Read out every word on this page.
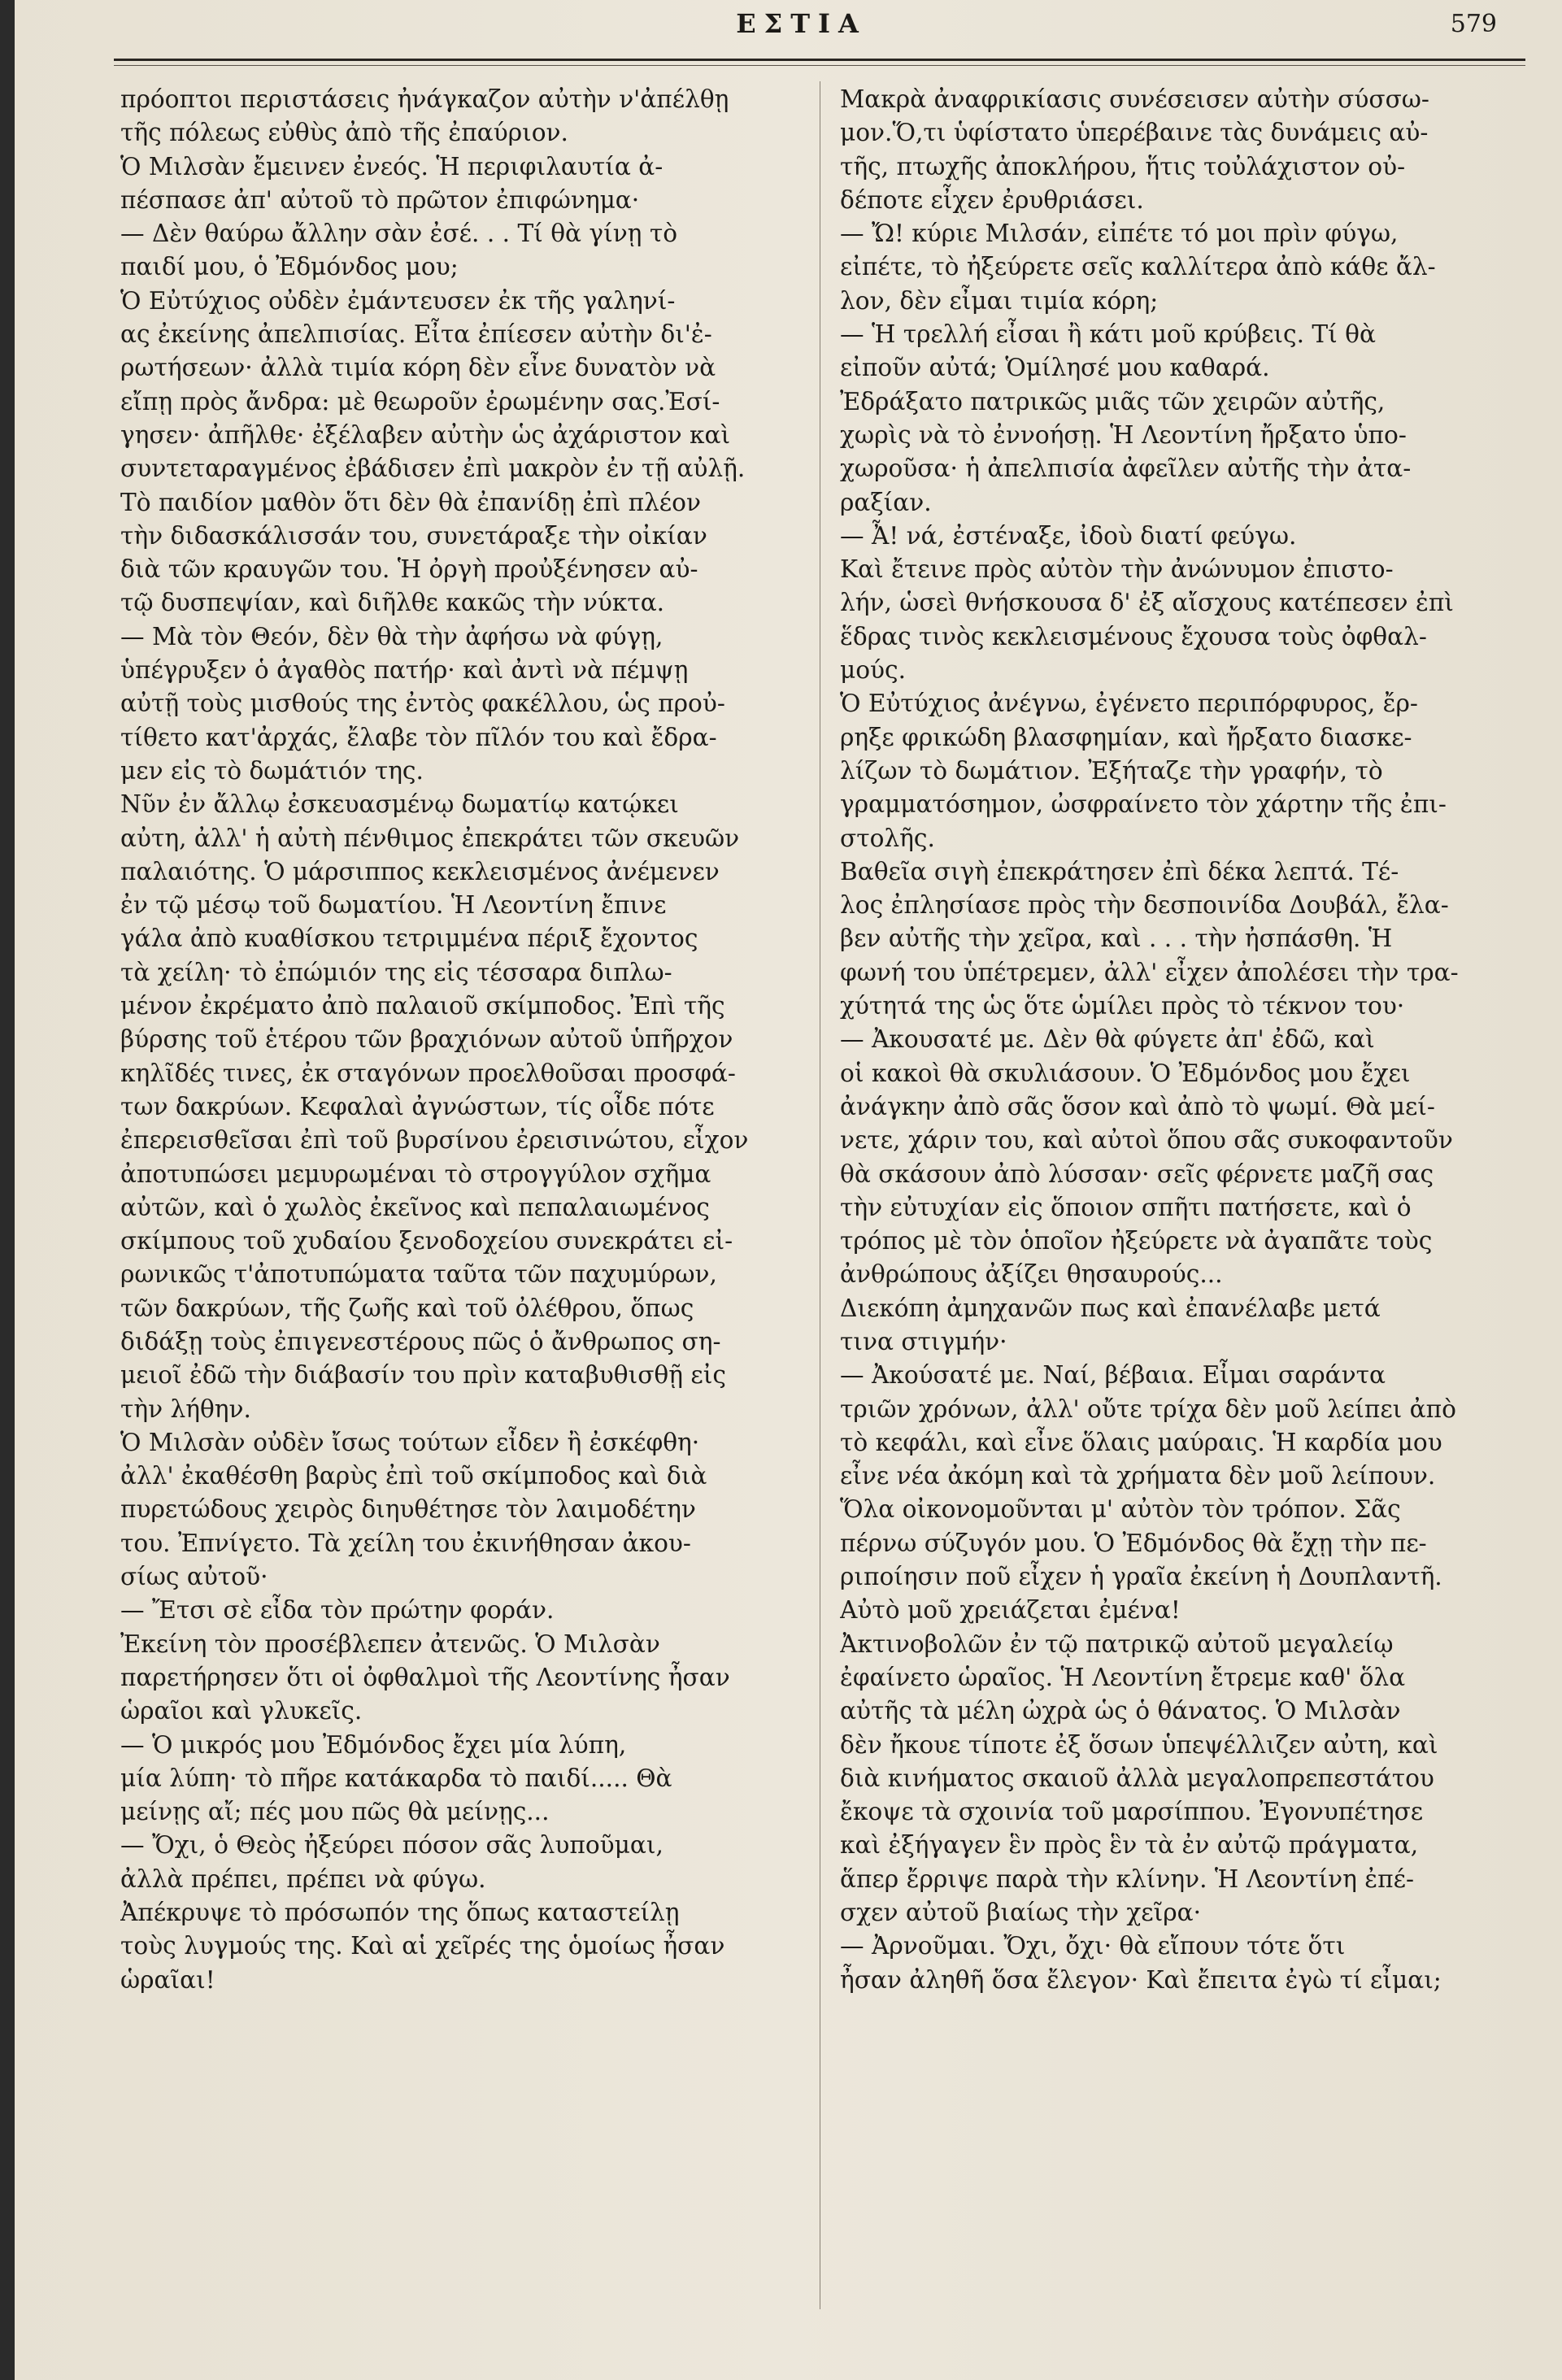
ΕΣΤΙΑ	579
πρόοπτοι περιστάσεις ἠνάγκαζον αὐτὴν ν'ἀπέλθῃ
τῆς πόλεως εὐθὺς ἀπὸ τῆς ἐπαύριον.
Ὁ Μιλσὰν ἔμεινεν ἐνεός. Ἡ περιφιλαυτία ἀ-
πέσπασε ἀπ' αὐτοῦ τὸ πρῶτον ἐπιφώνημα·
— Δὲν θαύρω ἄλλην σὰν ἐσέ. . . Τί θὰ γίνῃ τὸ
παιδί μου, ὁ Ἐδμόνδος μου;
Ὁ Εὐτύχιος οὐδὲν ἐμάντευσεν ἐκ τῆς γαληνί-
ας ἐκείνης ἀπελπισίας. Εἶτα ἐπίεσεν αὐτὴν δι'ἐ-
ρωτήσεων· ἀλλὰ τιμία κόρη δὲν εἶνε δυνατὸν νὰ
εἴπῃ πρὸς ἄνδρα: μὲ θεωροῦν ἐρωμένην σας.Ἐσί-
γησεν· ἀπῆλθε· ἐξέλαβεν αὐτὴν ὡς ἀχάριστον καὶ
συντεταραγμένος ἐβάδισεν ἐπὶ μακρὸν ἐν τῇ αὐλῇ.
Τὸ παιδίον μαθὸν ὅτι δὲν θὰ ἐπανίδῃ ἐπὶ πλέον
τὴν διδασκάλισσάν του, συνετάραξε τὴν οἰκίαν
διὰ τῶν κραυγῶν του. Ἡ ὀργὴ προὐξένησεν αὐ-
τῷ δυσπεψίαν, καὶ διῆλθε κακῶς τὴν νύκτα.
— Μὰ τὸν Θεόν, δὲν θὰ τὴν ἀφήσω νὰ φύγῃ,
ὑπέγρυξεν ὁ ἀγαθὸς πατήρ· καὶ ἀντὶ νὰ πέμψῃ
αὐτῇ τοὺς μισθούς της ἐντὸς φακέλλου, ὡς προὐ-
τίθετο κατ'ἀρχάς, ἔλαβε τὸν πῖλόν του καὶ ἔδρα-
μεν εἰς τὸ δωμάτιόν της.
Νῦν ἐν ἄλλῳ ἐσκευασμένῳ δωματίῳ κατῴκει
αὐτη, ἀλλ' ἡ αὐτὴ πένθιμος ἐπεκράτει τῶν σκευῶν
παλαιότης. Ὁ μάρσιππος κεκλεισμένος ἀνέμενεν
ἐν τῷ μέσῳ τοῦ δωματίου. Ἡ Λεοντίνη ἔπινε
γάλα ἀπὸ κυαθίσκου τετριμμένα πέριξ ἔχοντος
τὰ χείλη· τὸ ἐπώμιόν της εἰς τέσσαρα διπλω-
μένον ἐκρέματο ἀπὸ παλαιοῦ σκίμποδος. Ἐπὶ τῆς
βύρσης τοῦ ἑτέρου τῶν βραχιόνων αὐτοῦ ὑπῆρχον
κηλῖδές τινες, ἐκ σταγόνων προελθοῦσαι προσφά-
των δακρύων. Κεφαλαὶ ἀγνώστων, τίς οἶδε πότε
ἐπερεισθεῖσαι ἐπὶ τοῦ βυρσίνου ἐρεισινώτου, εἶχον
ἀποτυπώσει μεμυρωμέναι τὸ στρογγύλον σχῆμα
αὐτῶν, καὶ ὁ χωλὸς ἐκεῖνος καὶ πεπαλαιωμένος
σκίμπους τοῦ χυδαίου ξενοδοχείου συνεκράτει εἰ-
ρωνικῶς τ'ἀποτυπώματα ταῦτα τῶν παχυμύρων,
τῶν δακρύων, τῆς ζωῆς καὶ τοῦ ὀλέθρου, ὅπως
διδάξῃ τοὺς ἐπιγενεστέρους πῶς ὁ ἄνθρωπος ση-
μειοῖ ἐδῶ τὴν διάβασίν του πρὶν καταβυθισθῇ εἰς
τὴν λήθην.
Ὁ Μιλσὰν οὐδὲν ἴσως τούτων εἶδεν ἢ ἐσκέφθη·
ἀλλ' ἐκαθέσθη βαρὺς ἐπὶ τοῦ σκίμποδος καὶ διὰ
πυρετώδους χειρὸς διηυθέτησε τὸν λαιμοδέτην
του. Ἐπνίγετο. Τὰ χείλη του ἐκινήθησαν ἀκου-
σίως αὐτοῦ·
— Ἔτσι σὲ εἶδα τὸν πρώτην φοράν.
Ἐκείνη τὸν προσέβλεπεν ἀτενῶς. Ὁ Μιλσὰν
παρετήρησεν ὅτι οἱ ὀφθαλμοὶ τῆς Λεοντίνης ἦσαν
ὡραῖοι καὶ γλυκεῖς.
— Ὁ μικρός μου Ἐδμόνδος ἔχει μία λύπη,
μία λύπη· τὸ πῆρε κατάκαρδα τὸ παιδί..... Θὰ
μείνῃς αἴ; πές μου πῶς θὰ μείνῃς...
— Ὄχι, ὁ Θεὸς ἠξεύρει πόσον σᾶς λυποῦμαι,
ἀλλὰ πρέπει, πρέπει νὰ φύγω.
Ἀπέκρυψε τὸ πρόσωπόν της ὅπως καταστείλῃ
τοὺς λυγμούς της. Καὶ αἱ χεῖρές της ὁμοίως ἦσαν
ὡραῖαι!
Μακρὰ ἀναφρικίασις συνέσεισεν αὐτὴν σύσσω-
μον.Ὅ,τι ὑφίστατο ὑπερέβαινε τὰς δυνάμεις αὐ-
τῆς, πτωχῆς ἀποκλήρου, ἥτις τοὐλάχιστον οὐ-
δέποτε εἶχεν ἐρυθριάσει.
— Ὤ! κύριε Μιλσάν, εἰπέτε τό μοι πρὶν φύγω,
εἰπέτε, τὸ ἠξεύρετε σεῖς καλλίτερα ἀπὸ κάθε ἄλ-
λον, δὲν εἶμαι τιμία κόρη;
— Ἡ τρελλή εἶσαι ἢ κάτι μοῦ κρύβεις. Τί θὰ
εἰποῦν αὐτά; Ὁμίλησέ μου καθαρά.
Ἐδράξατο πατρικῶς μιᾶς τῶν χειρῶν αὐτῆς,
χωρὶς νὰ τὸ ἐννοήσῃ. Ἡ Λεοντίνη ἤρξατο ὑπο-
χωροῦσα· ἡ ἀπελπισία ἀφεῖλεν αὐτῆς τὴν ἀτα-
ραξίαν.
— Ἆ! νά, ἐστέναξε, ἰδοὺ διατί φεύγω.
Καὶ ἔτεινε πρὸς αὐτὸν τὴν ἀνώνυμον ἐπιστο-
λήν, ὡσεὶ θνήσκουσα δ' ἐξ αἴσχους κατέπεσεν ἐπὶ
ἕδρας τινὸς κεκλεισμένους ἔχουσα τοὺς ὀφθαλ-
μούς.
Ὁ Εὐτύχιος ἀνέγνω, ἐγένετο περιπόρφυρος, ἔρ-
ρηξε φρικώδη βλασφημίαν, καὶ ἤρξατο διασκε-
λίζων τὸ δωμάτιον. Ἐξήταζε τὴν γραφήν, τὸ
γραμματόσημον, ὠσφραίνετο τὸν χάρτην τῆς ἐπι-
στολῆς.
Βαθεῖα σιγὴ ἐπεκράτησεν ἐπὶ δέκα λεπτά. Τέ-
λος ἐπλησίασε πρὸς τὴν δεσποινίδα Δουβάλ, ἔλα-
βεν αὐτῆς τὴν χεῖρα, καὶ . . . τὴν ἠσπάσθη. Ἡ
φωνή του ὑπέτρεμεν, ἀλλ' εἶχεν ἀπολέσει τὴν τρα-
χύτητά της ὡς ὅτε ὡμίλει πρὸς τὸ τέκνον του·
— Ἀκουσατέ με. Δὲν θὰ φύγετε ἀπ' ἐδῶ, καὶ
οἱ κακοὶ θὰ σκυλιάσουν. Ὁ Ἐδμόνδος μου ἔχει
ἀνάγκην ἀπὸ σᾶς ὅσον καὶ ἀπὸ τὸ ψωμί. Θὰ μεί-
νετε, χάριν του, καὶ αὐτοὶ ὅπου σᾶς συκοφαντοῦν
θὰ σκάσουν ἀπὸ λύσσαν· σεῖς φέρνετε μαζῆ σας
τὴν εὐτυχίαν εἰς ὅποιον σπῆτι πατήσετε, καὶ ὁ
τρόπος μὲ τὸν ὁποῖον ἠξεύρετε νὰ ἀγαπᾶτε τοὺς
ἀνθρώπους ἀξίζει θησαυρούς...
Διεκόπη ἀμηχανῶν πως καὶ ἐπανέλαβε μετά
τινα στιγμήν·
— Ἀκούσατέ με. Ναί, βέβαια. Εἶμαι σαράντα
τριῶν χρόνων, ἀλλ' οὔτε τρίχα δὲν μοῦ λείπει ἀπὸ
τὸ κεφάλι, καὶ εἶνε ὅλαις μαύραις. Ἡ καρδία μου
εἶνε νέα ἀκόμη καὶ τὰ χρήματα δὲν μοῦ λείπουν.
Ὅλα οἰκονομοῦνται μ' αὐτὸν τὸν τρόπον. Σᾶς
πέρνω σύζυγόν μου. Ὁ Ἐδμόνδος θὰ ἔχῃ τὴν πε-
ριποίησιν ποῦ εἶχεν ἡ γραῖα ἐκείνη ἡ Δουπλαντῆ.
Αὐτὸ μοῦ χρειάζεται ἐμένα!
Ἀκτινοβολῶν ἐν τῷ πατρικῷ αὐτοῦ μεγαλείῳ
ἐφαίνετο ὡραῖος. Ἡ Λεοντίνη ἔτρεμε καθ' ὅλα
αὐτῆς τὰ μέλη ὠχρὰ ὡς ὁ θάνατος. Ὁ Μιλσὰν
δὲν ἤκουε τίποτε ἐξ ὅσων ὑπεψέλλιζεν αὐτη, καὶ
διὰ κινήματος σκαιοῦ ἀλλὰ μεγαλοπρεπεστάτου
ἔκοψε τὰ σχοινία τοῦ μαρσίππου. Ἐγονυπέτησε
καὶ ἐξήγαγεν ἓν πρὸς ἓν τὰ ἐν αὐτῷ πράγματα,
ἅπερ ἔρριψε παρὰ τὴν κλίνην. Ἡ Λεοντίνη ἐπέ-
σχεν αὐτοῦ βιαίως τὴν χεῖρα·
— Ἀρνοῦμαι. Ὄχι, ὄχι· θὰ εἴπουν τότε ὅτι
ἦσαν ἀληθῆ ὅσα ἔλεγον· Καὶ ἔπειτα ἐγὼ τί εἶμαι;
